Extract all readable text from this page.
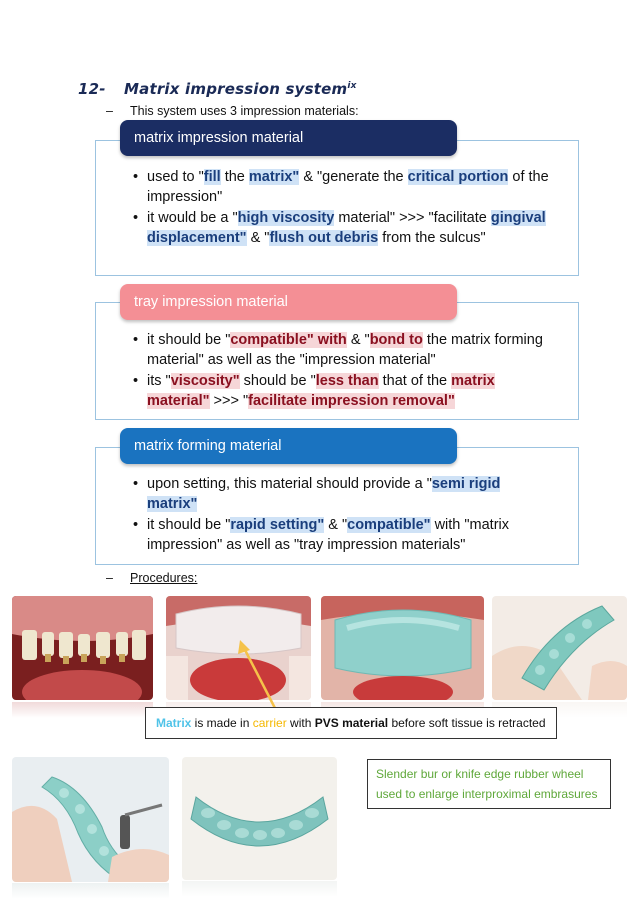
12- Matrix impression system$^{ix}$
– This system uses 3 impression materials:
matrix impression material
tray impression material
matrix forming material
• used to "fill the matrix" & "generate the critical portion of the impression"
• it would be a "high viscosity material" >>> "facilitate gingival displacement" & "flush out debris from the sulcus"
• it should be "compatible" with & "bond to the matrix forming material" as well as the "impression material"
• its "viscosity" should be "less than that of the matrix material" >>> "facilitate impression removal"
• upon setting, this material should provide a "semi rigid matrix"
• it should be "rapid setting" & "compatible" with "matrix impression" as well as "tray impression materials"
– Procedures:
Matrix is made in carrier with PVS material before soft tissue is retracted
Slender bur or knife edge rubber wheel used to enlarge interproximal embrasures
